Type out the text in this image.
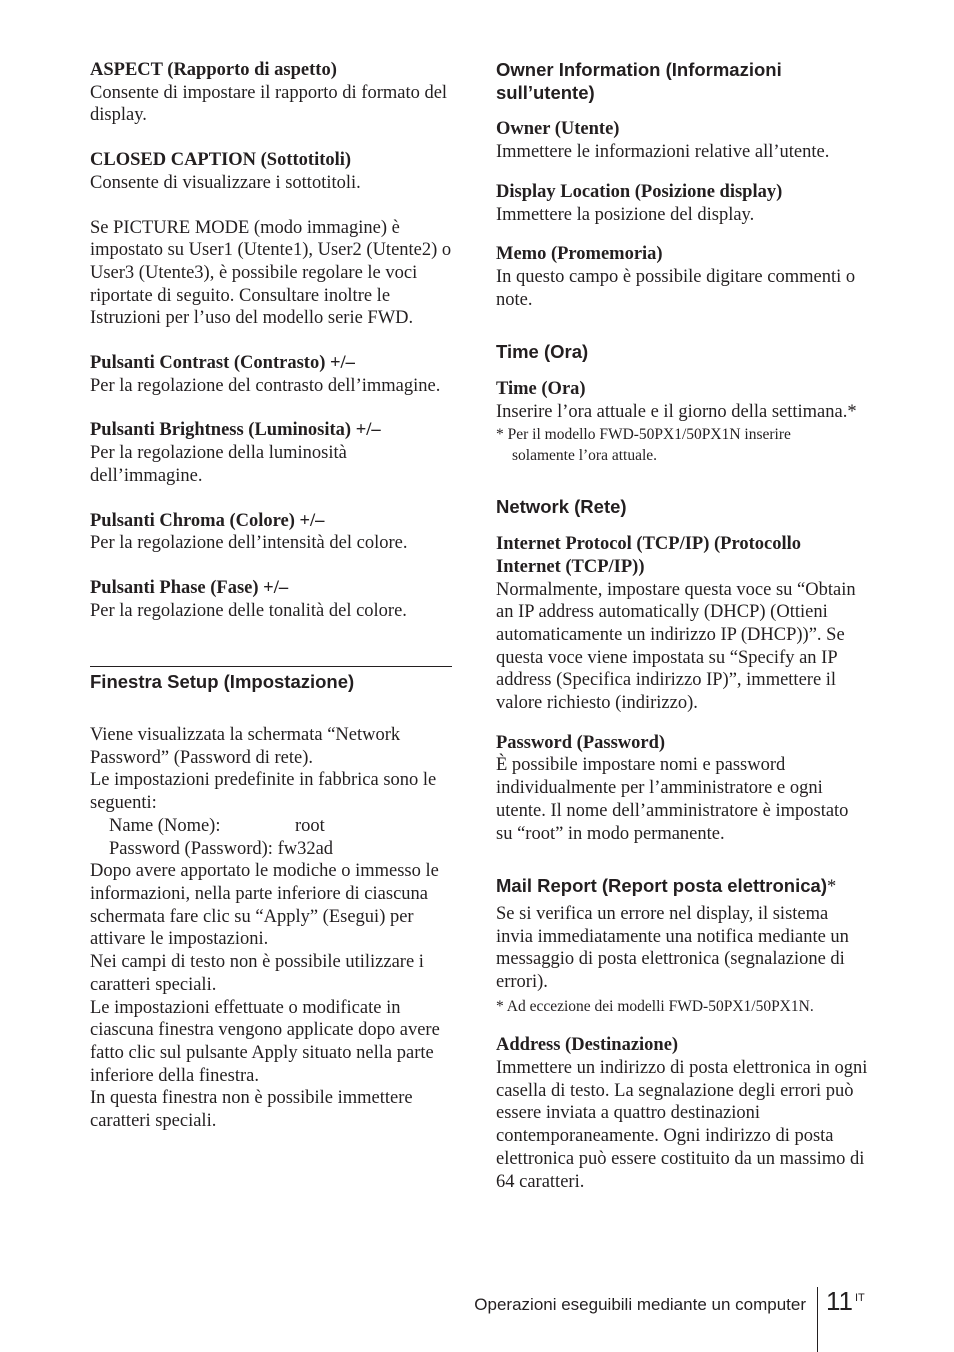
ASPECT (Rapporto di aspetto)

Consente di impostare il rapporto di formato del display.

CLOSED CAPTION (Sottotitoli)

Consente di visualizzare i sottotitoli.

Se PICTURE MODE (modo immagine) è impostato su User1 (Utente1), User2 (Utente2) o User3 (Utente3), è possibile regolare le voci riportate di seguito. Consultare inoltre le Istruzioni per l’uso del modello serie FWD.

Pulsanti Contrast (Contrasto) +/–

Per la regolazione del contrasto dell’immagine.

Pulsanti Brightness (Luminosita) +/–

Per la regolazione della luminosità dell’immagine.

Pulsanti Chroma (Colore) +/–

Per la regolazione dell’intensità del colore.

Pulsanti Phase (Fase) +/–

Per la regolazione delle tonalità del colore.

Finestra Setup (Impostazione)

Viene visualizzata la schermata “Network Password” (Password di rete).

Le impostazioni predefinite in fabbrica sono le seguenti:

Name (Nome):	root

Password (Password): fw32ad

Dopo avere apportato le modiche o immesso le informazioni, nella parte inferiore di ciascuna schermata fare clic su “Apply” (Esegui) per attivare le impostazioni.

Nei campi di testo non è possibile utilizzare i caratteri speciali.

Le impostazioni effettuate o modificate in ciascuna finestra vengono applicate dopo avere fatto clic sul pulsante Apply situato nella parte inferiore della finestra.

In questa finestra non è possibile immettere caratteri speciali.

Owner Information (Informazioni sull’utente)

Owner (Utente)

Immettere le informazioni relative all’utente.

Display Location (Posizione display)

Immettere la posizione del display.

Memo (Promemoria)

In questo campo è possibile digitare commenti o note.

Time (Ora)

Time (Ora)

Inserire l’ora attuale e il giorno della settimana.*

* Per il modello FWD-50PX1/50PX1N inserire
solamente l’ora attuale.

Network (Rete)

Internet Protocol (TCP/IP) (Protocollo Internet (TCP/IP))

Normalmente, impostare questa voce su “Obtain an IP address automatically (DHCP) (Ottieni automaticamente un indirizzo IP (DHCP))”. Se questa voce viene impostata su “Specify an IP address (Specifica indirizzo IP)”, immettere il valore richiesto (indirizzo).

Password (Password)

È possibile impostare nomi e password individualmente per l’amministratore e ogni utente. Il nome dell’amministratore è impostato su “root” in modo permanente.

Mail Report (Report posta elettronica)*

Se si verifica un errore nel display, il sistema invia immediatamente una notifica mediante un messaggio di posta elettronica (segnalazione di errori).

* Ad eccezione dei modelli FWD-50PX1/50PX1N.

Address (Destinazione)

Immettere un indirizzo di posta elettronica in ogni casella di testo. La segnalazione degli errori può essere inviata a quattro destinazioni contemporaneamente. Ogni indirizzo di posta elettronica può essere costituito da un massimo di 64 caratteri.

Operazioni eseguibili mediante un computer 11 $^{IT}$
